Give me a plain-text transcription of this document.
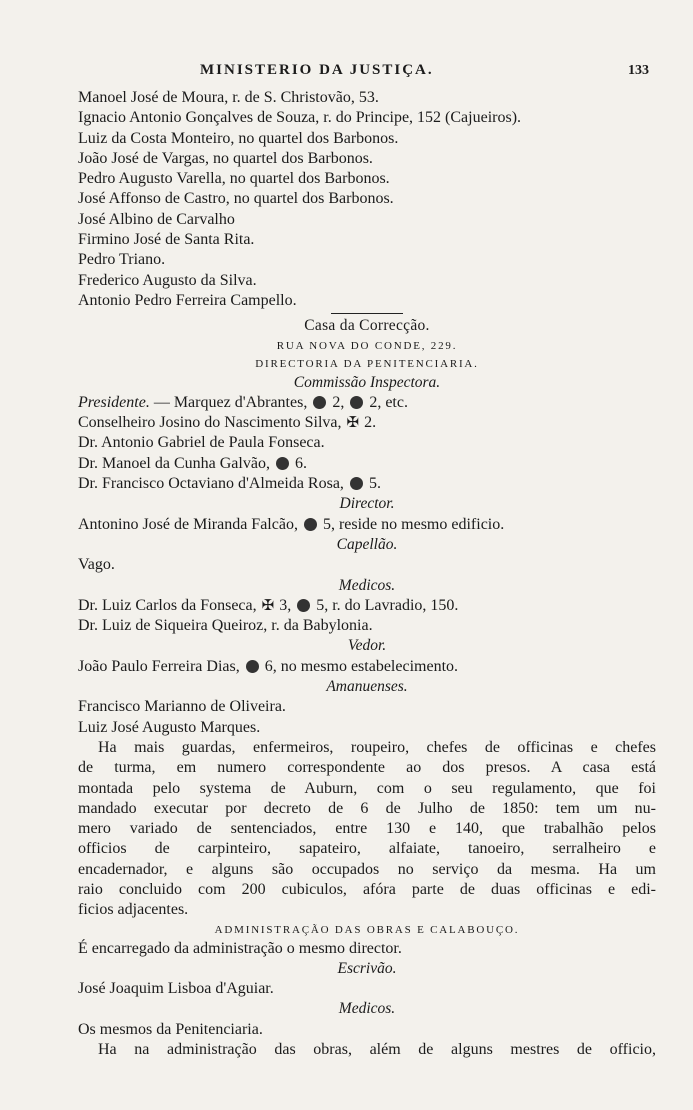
MINISTERIO DA JUSTIÇA.	133
Manoel José de Moura, r. de S. Christovão, 53.
Ignacio Antonio Gonçalves de Souza, r. do Principe, 152 (Cajueiros).
Luiz da Costa Monteiro, no quartel dos Barbonos.
João José de Vargas, no quartel dos Barbonos.
Pedro Augusto Varella, no quartel dos Barbonos.
José Affonso de Castro, no quartel dos Barbonos.
José Albino de Carvalho
Firmino José de Santa Rita.
Pedro Triano.
Frederico Augusto da Silva.
Antonio Pedro Ferreira Campello.
Casa da Correcção.
RUA NOVA DO CONDE, 229.
DIRECTORIA DA PENITENCIARIA.
Commissão Inspectora.
Presidente. — Marquez d'Abrantes, 2, 2, etc.
Conselheiro Josino do Nascimento Silva, ✠ 2.
Dr. Antonio Gabriel de Paula Fonseca.
Dr. Manoel da Cunha Galvão, 6.
Dr. Francisco Octaviano d'Almeida Rosa, 5.
Director.
Antonino José de Miranda Falcão, 5, reside no mesmo edificio.
Capellão.
Vago.
Medicos.
Dr. Luiz Carlos da Fonseca, ✠ 3, 5, r. do Lavradio, 150.
Dr. Luiz de Siqueira Queiroz, r. da Babylonia.
Vedor.
João Paulo Ferreira Dias, 6, no mesmo estabelecimento.
Amanuenses.
Francisco Marianno de Oliveira.
Luiz José Augusto Marques.
Ha mais guardas, enfermeiros, roupeiro, chefes de officinas e chefes
de turma, em numero correspondente ao dos presos. A casa está
montada pelo systema de Auburn, com o seu regulamento, que foi
mandado executar por decreto de 6 de Julho de 1850: tem um nu-
mero variado de sentenciados, entre 130 e 140, que trabalhão pelos
officios de carpinteiro, sapateiro, alfaiate, tanoeiro, serralheiro e
encadernador, e alguns são occupados no serviço da mesma. Ha um
raio concluido com 200 cubiculos, afóra parte de duas officinas e edi-
ficios adjacentes.
ADMINISTRAÇÃO DAS OBRAS E CALABOUÇO.
É encarregado da administração o mesmo director.
Escrivão.
José Joaquim Lisboa d'Aguiar.
Medicos.
Os mesmos da Penitenciaria.
Ha na administração das obras, além de alguns mestres de officio,
